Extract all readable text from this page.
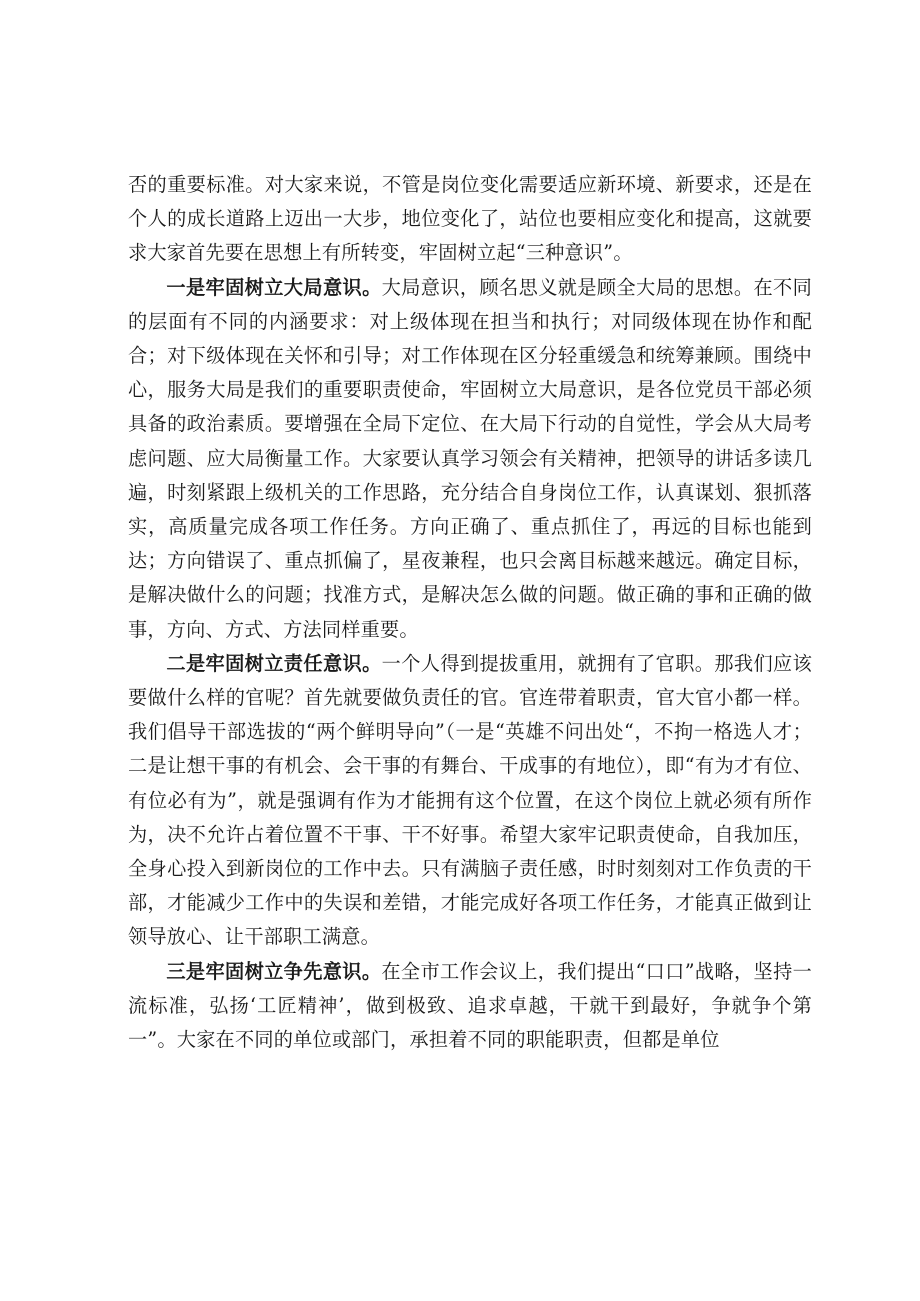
否的重要标准。对大家来说，不管是岗位变化需要适应新环境、新要求，还是在个人的成长道路上迈出一大步，地位变化了，站位也要相应变化和提高，这就要求大家首先要在思想上有所转变，牢固树立起“三种意识”。

一是牢固树立大局意识。大局意识，顾名思义就是顾全大局的思想。在不同的层面有不同的内涵要求：对上级体现在担当和执行；对同级体现在协作和配合；对下级体现在关怀和引导；对工作体现在区分轻重缓急和统筹兼顾。围绕中心，服务大局是我们的重要职责使命，牢固树立大局意识，是各位党员干部必须具备的政治素质。要增强在全局下定位、在大局下行动的自觉性，学会从大局考虑问题、应大局衡量工作。大家要认真学习领会有关精神，把领导的讲话多读几遍，时刻紧跟上级机关的工作思路，充分结合自身岗位工作，认真谋划、狠抓落实，高质量完成各项工作任务。方向正确了、重点抓住了，再远的目标也能到达；方向错误了、重点抓偏了，星夜兼程，也只会离目标越来越远。确定目标，是解决做什么的问题；找准方式，是解决怎么做的问题。做正确的事和正确的做事，方向、方式、方法同样重要。

二是牢固树立责任意识。一个人得到提拔重用，就拥有了官职。那我们应该要做什么样的官呢？首先就要做负责任的官。官连带着职责，官大官小都一样。我们倡导干部选拔的“两个鲜明导向”（一是“英雄不问出处“，不拘一格选人才；二是让想干事的有机会、会干事的有舞台、干成事的有地位），即“有为才有位、有位必有为”，就是强调有作为才能拥有这个位置，在这个岗位上就必须有所作为，决不允许占着位置不干事、干不好事。希望大家牢记职责使命，自我加压，全身心投入到新岗位的工作中去。只有满脑子责任感，时时刻刻对工作负责的干部，才能减少工作中的失误和差错，才能完成好各项工作任务，才能真正做到让领导放心、让干部职工满意。

三是牢固树立争先意识。在全市工作会议上，我们提出“口口”战略，坚持一流标准，弘扬‘工匠精神’，做到极致、追求卓越，干就干到最好，争就争个第一”。大家在不同的单位或部门，承担着不同的职能职责，但都是单位
